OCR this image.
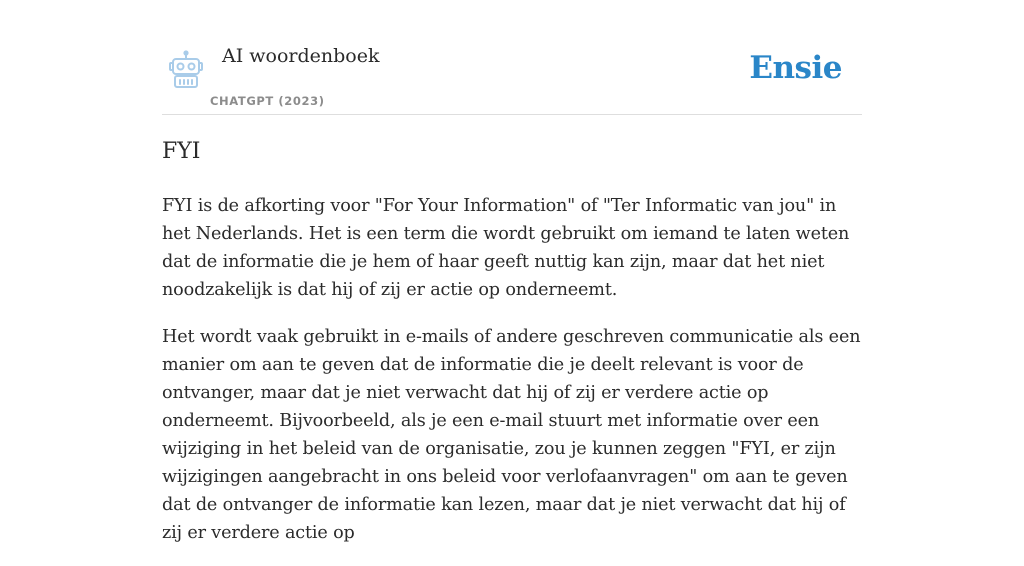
AI woordenboek
CHATGPT (2023)
Ensie
FYI

FYI is de afkorting voor "For Your Information" of "Ter Informatic van jou" in het Nederlands. Het is een term die wordt gebruikt om iemand te laten weten dat de informatie die je hem of haar geeft nuttig kan zijn, maar dat het niet noodzakelijk is dat hij of zij er actie op onderneemt.

Het wordt vaak gebruikt in e-mails of andere geschreven communicatie als een manier om aan te geven dat de informatie die je deelt relevant is voor de ontvanger, maar dat je niet verwacht dat hij of zij er verdere actie op onderneemt. Bijvoorbeeld, als je een e-mail stuurt met informatie over een wijziging in het beleid van de organisatie, zou je kunnen zeggen "FYI, er zijn wijzigingen aangebracht in ons beleid voor verlofaanvragen" om aan te geven dat de ontvanger de informatie kan lezen, maar dat je niet verwacht dat hij of zij er verdere actie op
